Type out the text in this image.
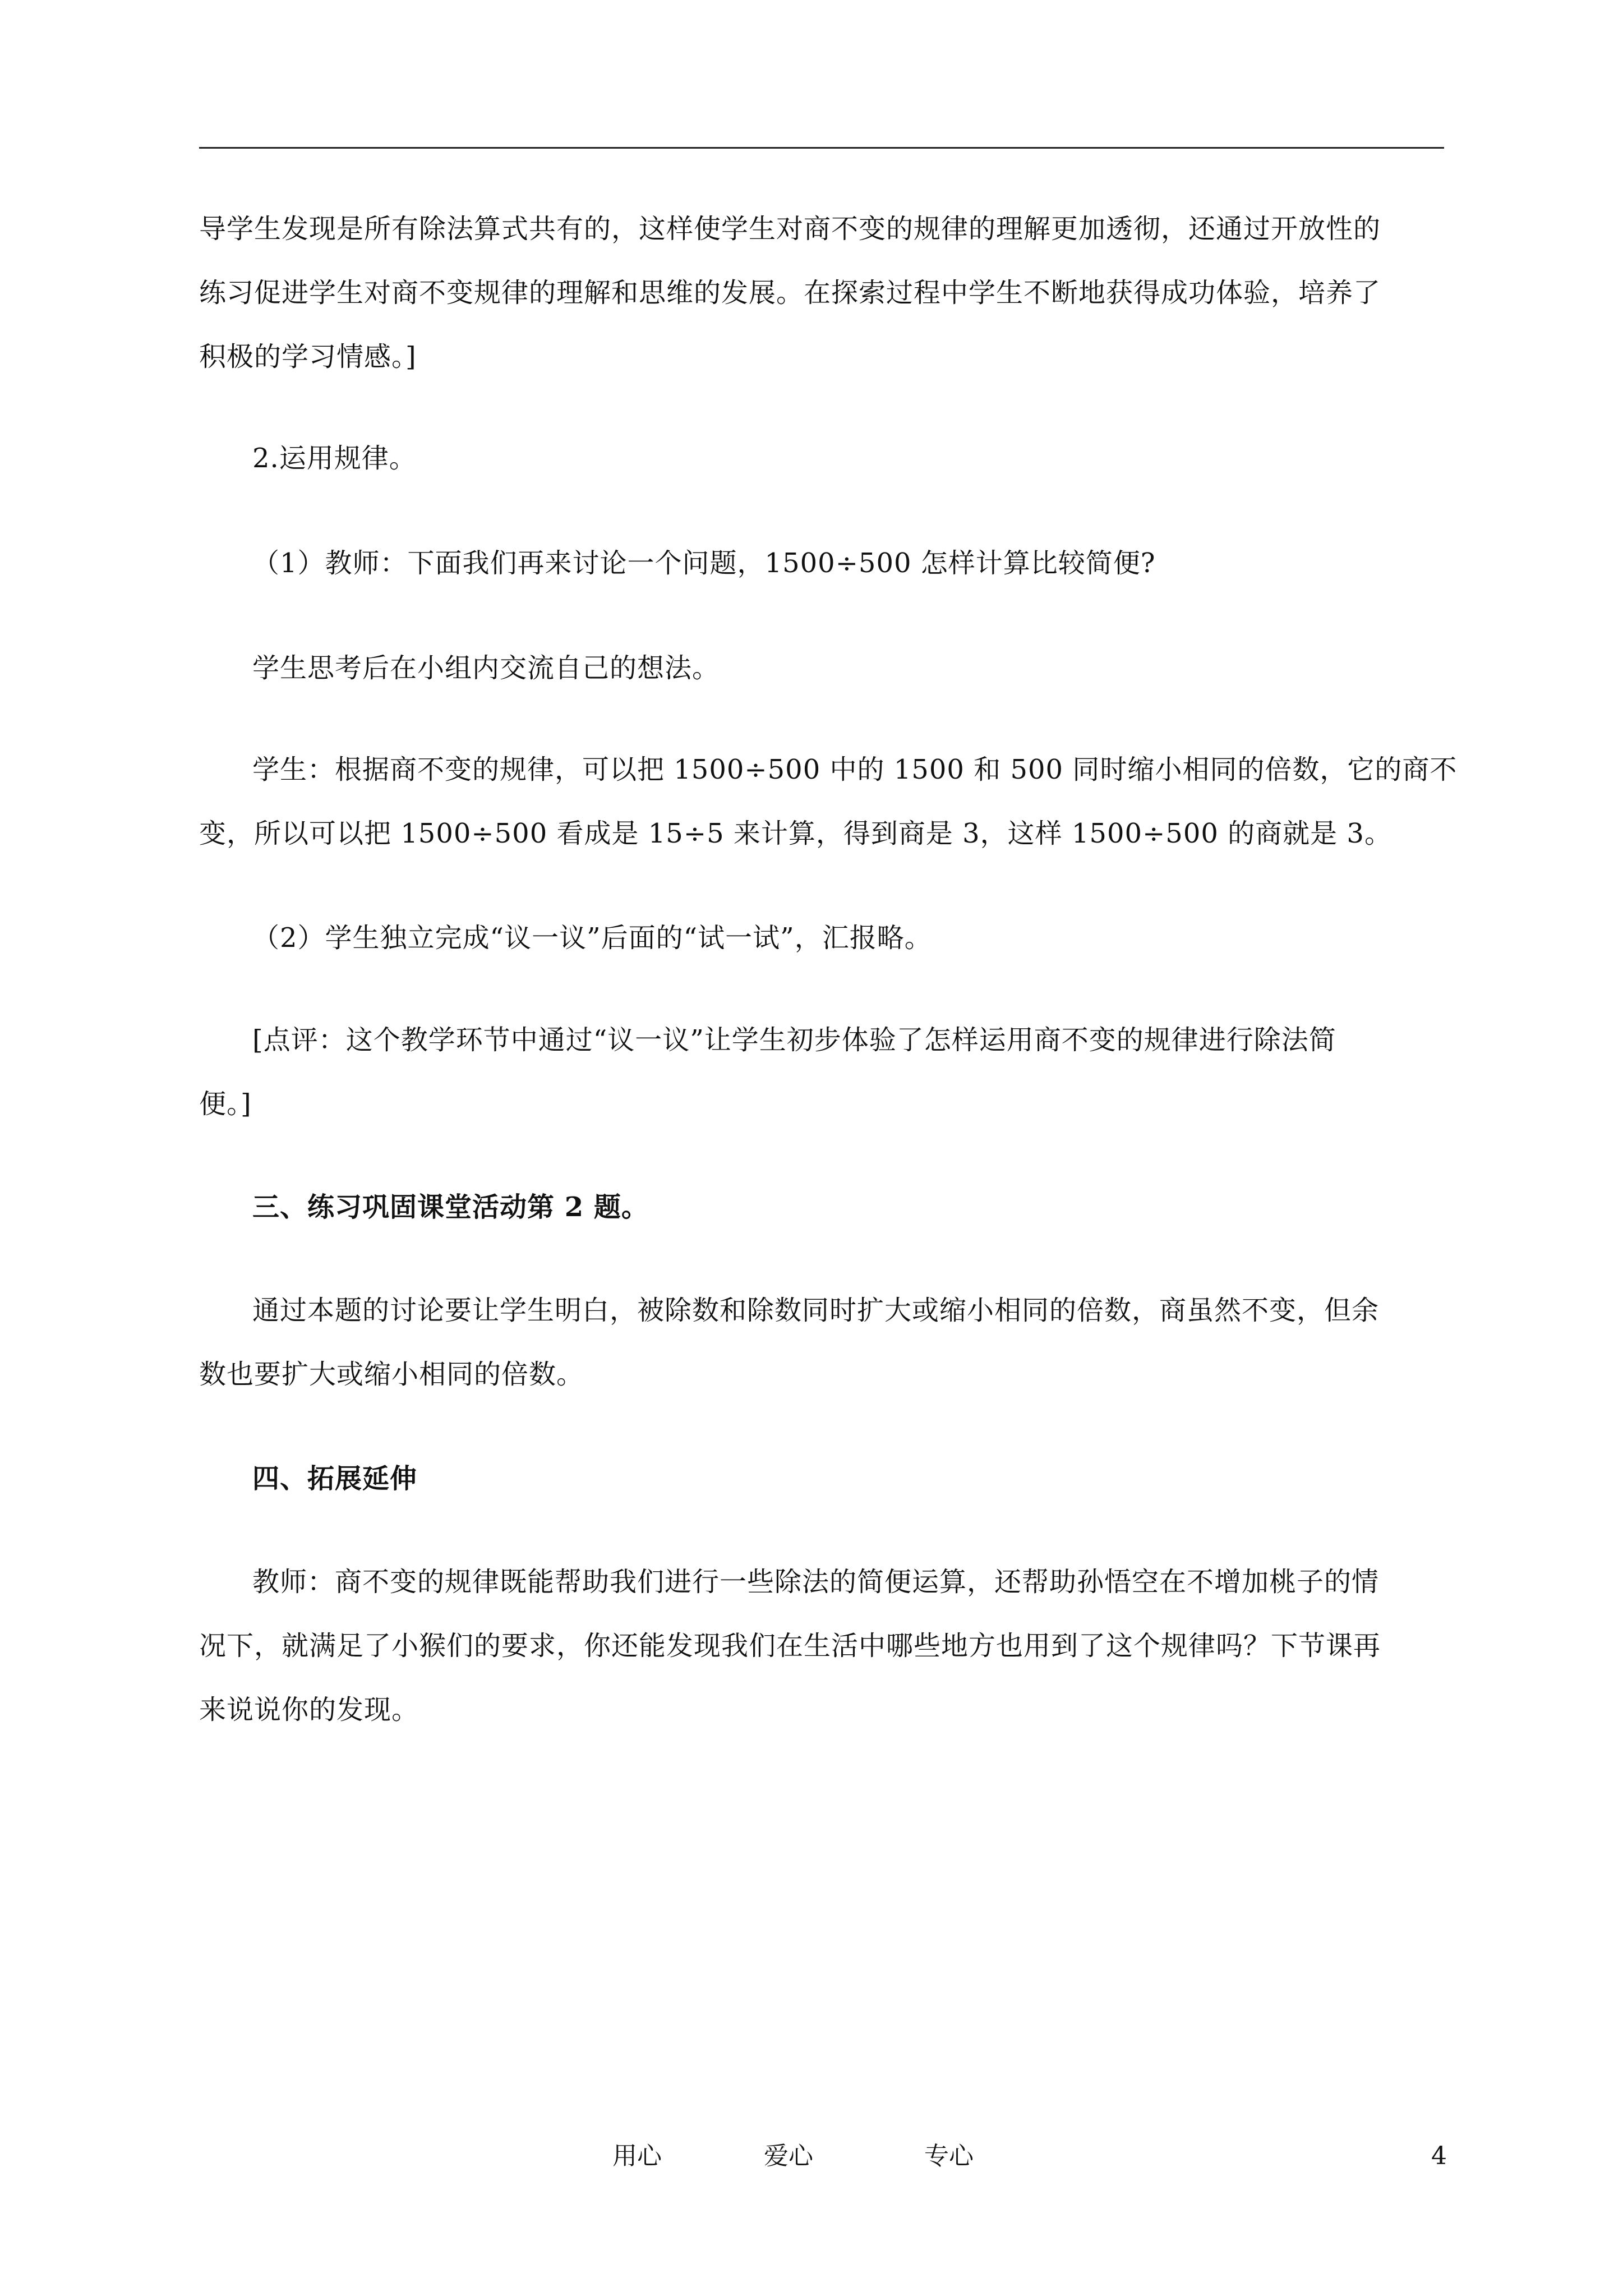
导学生发现是所有除法算式共有的，这样使学生对商不变的规律的理解更加透彻，还通过开放性的
练习促进学生对商不变规律的理解和思维的发展。在探索过程中学生不断地获得成功体验，培养了
积极的学习情感。]
2.运用规律。
（1）教师：下面我们再来讨论一个问题，1500÷500 怎样计算比较简便?
学生思考后在小组内交流自己的想法。
学生：根据商不变的规律，可以把 1500÷500 中的 1500 和 500 同时缩小相同的倍数，它的商不
变，所以可以把 1500÷500 看成是 15÷5 来计算，得到商是 3，这样 1500÷500 的商就是 3。
（2）学生独立完成“议一议”后面的“试一试”，汇报略。
[点评：这个教学环节中通过“议一议”让学生初步体验了怎样运用商不变的规律进行除法简
便。]
三、练习巩固课堂活动第 2 题。
通过本题的讨论要让学生明白，被除数和除数同时扩大或缩小相同的倍数，商虽然不变，但余
数也要扩大或缩小相同的倍数。
四、拓展延伸
教师：商不变的规律既能帮助我们进行一些除法的简便运算，还帮助孙悟空在不增加桃子的情
况下，就满足了小猴们的要求，你还能发现我们在生活中哪些地方也用到了这个规律吗？下节课再
来说说你的发现。
用心	爱心	专心	4
